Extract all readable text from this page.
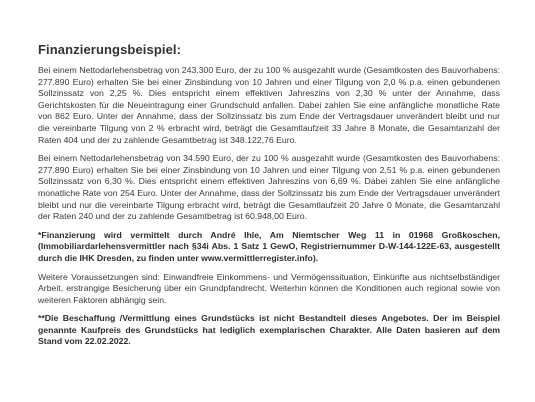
Finanzierungsbeispiel:

Bei einem Nettodarlehensbetrag von 243.300 Euro, der zu 100 % ausgezahlt wurde (Gesamtkosten des Bauvorhabens: 277.890 Euro) erhalten Sie bei einer Zinsbindung von 10 Jahren und einer Tilgung von 2,0 % p.a. einen gebundenen Sollzinssatz von 2,25 %. Dies entspricht einem effektiven Jahreszins von 2,30 % unter der Annahme, dass Gerichtskosten für die Neueintragung einer Grundschuld anfallen. Dabei zahlen Sie eine anfängliche monatliche Rate von 862 Euro. Unter der Annahme, dass der Sollzinssatz bis zum Ende der Vertragsdauer unverändert bleibt und nur die vereinbarte Tilgung von 2 % erbracht wird, beträgt die Gesamtlaufzeit 33 Jahre 8 Monate, die Gesamtanzahl der Raten 404 und der zu zahlende Gesamtbetrag ist 348.122,76 Euro.

Bei einem Nettodarlehensbetrag von 34.590 Euro, der zu 100 % ausgezahlt wurde (Gesamtkosten des Bauvorhabens: 277.890 Euro) erhalten Sie bei einer Zinsbindung von 10 Jahren und einer Tilgung von 2,51 % p.a. einen gebundenen Sollzinssatz von 6,30 %. Dies entspricht einem effektiven Jahreszins von 6,69 %. Dabei zahlen Sie eine anfängliche monatliche Rate von 254 Euro. Unter der Annahme, dass der Sollzinssatz bis zum Ende der Vertragsdauer unverändert bleibt und nur die vereinbarte Tilgung erbracht wird, beträgt die Gesamtlaufzeit 20 Jahre 0 Monate, die Gesamtanzahl der Raten 240 und der zu zahlende Gesamtbetrag ist 60.948,00 Euro.

*Finanzierung wird vermittelt durch André Ihle, Am Niemtscher Weg 11 in 01968 Großkoschen, (Immobiliardarlehensvermittler nach §34i Abs. 1 Satz 1 GewO, Registriernummer D-W-144-122E-63, ausgestellt durch die IHK Dresden, zu finden unter www.vermittlerregister.info).

Weitere Voraussetzungen sind: Einwandfreie Einkommens- und Vermögenssituation, Einkünfte aus nichtselbständiger Arbeit, erstrangige Besicherung über ein Grundpfandrecht. Weiterhin können die Konditionen auch regional sowie von weiteren Faktoren abhängig sein.

**Die Beschaffung /Vermittlung eines Grundstücks ist nicht Bestandteil dieses Angebotes. Der im Beispiel genannte Kaufpreis des Grundstücks hat lediglich exemplarischen Charakter. Alle Daten basieren auf dem Stand vom 22.02.2022.
